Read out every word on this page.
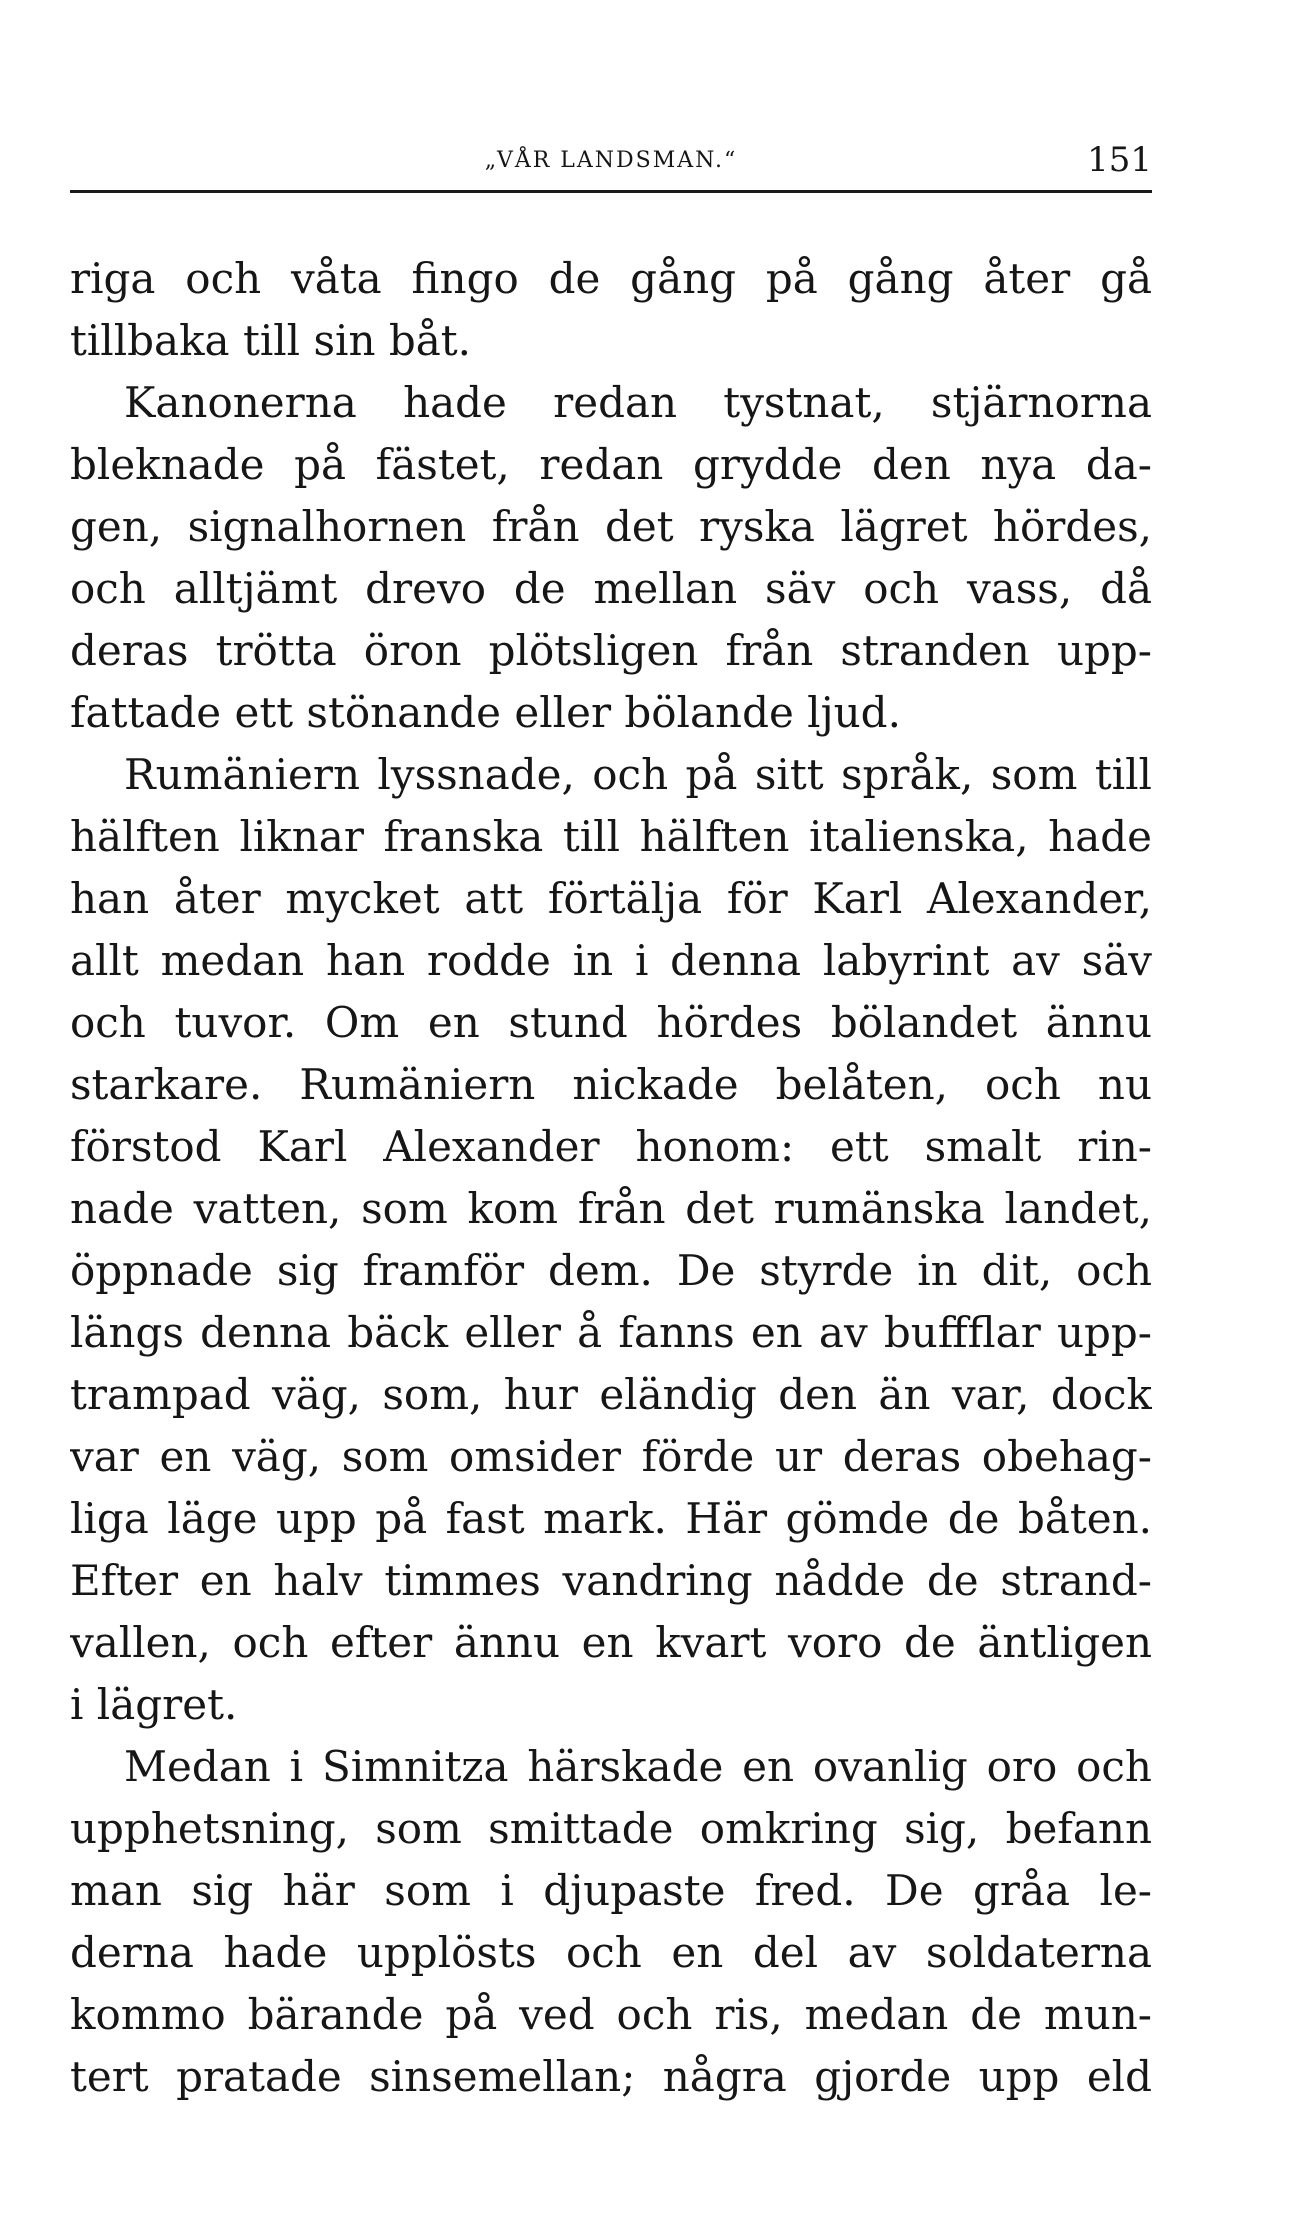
„VÅR LANDSMAN.“	151
riga och våta fingo de gång på gång åter gå
tillbaka till sin båt.
Kanonerna hade redan tystnat, stjärnorna
bleknade på fästet, redan grydde den nya da-
gen, signalhornen från det ryska lägret hördes,
och alltjämt drevo de mellan säv och vass, då
deras trötta öron plötsligen från stranden upp-
fattade ett stönande eller bölande ljud.
Rumäniern lyssnade, och på sitt språk, som till
hälften liknar franska till hälften italienska, hade
han åter mycket att förtälja för Karl Alexander,
allt medan han rodde in i denna labyrint av säv
och tuvor. Om en stund hördes bölandet ännu
starkare. Rumäniern nickade belåten, och nu
förstod Karl Alexander honom: ett smalt rin-
nade vatten, som kom från det rumänska landet,
öppnade sig framför dem. De styrde in dit, och
längs denna bäck eller å fanns en av buffflar upp-
trampad väg, som, hur eländig den än var, dock
var en väg, som omsider förde ur deras obehag-
liga läge upp på fast mark. Här gömde de båten.
Efter en halv timmes vandring nådde de strand-
vallen, och efter ännu en kvart voro de äntligen
i lägret.
Medan i Simnitza härskade en ovanlig oro och
upphetsning, som smittade omkring sig, befann
man sig här som i djupaste fred. De gråa le-
derna hade upplösts och en del av soldaterna
kommo bärande på ved och ris, medan de mun-
tert pratade sinsemellan; några gjorde upp eld
